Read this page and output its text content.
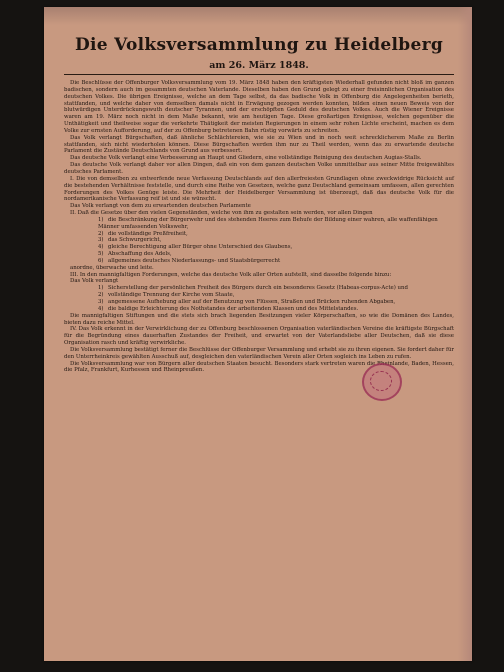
Die Volksversammlung zu Heidelberg
am 26. März 1848.

Die Beschlüsse der Offenburger Volksversammlung vom 19. März 1848 haben den kräftigsten Wiederhall gefunden nicht bloß im ganzen badischen, sondern auch im gesammten deutschen Vaterlande. Dieselben haben den Grund gelegt zu einer freisinnlichen Organisation des deutschen Volkes. Die übrigen Ereignisse, welche an dem Tage selbst, da das badische Volk in Offenburg die Angelegenheiten berieth, stattfanden, und welche daher von demselben damals nicht in Erwägung gezogen werden konnten, bilden einen neuen Beweis von der blutwürdigen Unterdrückungswuth deutscher Tyrannen, und der erschöpften Geduld des deutschen Volkes. Auch die Wiener Ereignisse waren am 19. März noch nicht in dem Maße bekannt, wie am heutigen Tage. Diese großartigen Ereignisse, welchen gegenüber die Unthätigkeit und theilweise sogar die verkehrte Thätigkeit der meisten Regierungen in einem sehr rohen Lichte erscheint, machen es dem Volke zur ernsten Aufforderung, auf der zu Offenburg betretenen Bahn rüstig vorwärts zu schreiten.

Das Volk verlangt Bürgschaften, daß ähnliche Schlächtereien, wie sie zu Wien und in noch weit schrecklicherem Maße zu Berlin stattfanden, sich nicht wiederholen können. Diese Bürgschaften werden ihm nur zu Theil werden, wenn das zu erwartende deutsche Parlament die Zustände Deutschlands von Grund aus verbessert.

Das deutsche Volk verlangt eine Verbesserung an Haupt und Gliedern, eine vollständige Reinigung des deutschen Augias-Stalls.

Das deutsche Volk verlangt daher vor allen Dingen, daß ein von dem ganzen deutschen Volke unmittelbar aus seiner Mitte freigewähltes deutsches Parlament.

I. Die von demselben zu entwerfende neue Verfassung Deutschlands auf den allerfreiesten Grundlagen ohne zweckwidrige Rücksicht auf die bestehenden Verhältnisse feststelle, und durch eine Reihe von Gesetzen, welche ganz Deutschland gemeinsam umfassen, allen gerechten Forderungen des Volkes Genüge leiste. Die Mehrheit der Heidelberger Versammlung ist überzeugt, daß das deutsche Volk für die nordamerikanische Verfassung reif ist und sie wünscht.

Das Volk verlangt von dem zu erwartenden deutschen Parlamente

II. Daß die Gesetze über den vielen Gegenständen, welche von ihm zu gestalten sein werden, vor allen Dingen

1) die Beschränkung der Bürgerwehr und des stehenden Heeres zum Behufe der Bildung einer wahren, alle waffenfähigen Männer umfassenden Volkswehr,
2) die vollständige Preßfreiheit,
3) das Schwurgericht,
4) gleiche Berechtigung aller Bürger ohne Unterschied des Glaubens,
5) Abschaffung des Adels,
6) allgemeines deutsches Niederlassungs- und Staatsbürgerrecht

anordne, überwache und leite.

III. In den mannigfaltigen Forderungen, welche das deutsche Volk aller Orten aufstellt, sind dasselbe folgende hinzu:

Das Volk verlangt

1) Sicherstellung der persönlichen Freiheit des Bürgers durch ein besonderes Gesetz (Habeas-corpus-Acte) und
2) vollständige Trennung der Kirche vom Staate,
3) angemessene Aufhebung aller auf der Benutzung von Flüssen, Straßen und Brücken ruhenden Abgaben,
4) die baldige Erleichterung des Nothstandes der arbeitenden Klassen und des Mittelstandes.

Die mannigfaltigen Stiftungen und die stets sich brach liegenden Besitzungen vieler Körperschaften, so wie die Domänen des Landes, bieten dazu reiche Mittel.

IV. Das Volk erkennt in der Verwirklichung der zu Offenburg beschlossenen Organisation vaterländischen Vereine die kräftigste Bürgschaft für die Begründung eines dauerhaften Zustandes der Freiheit, und erwartet von der Vaterlandsliebe aller Deutschen, daß sie diese Organisation rasch und kräftig verwirkliche.

Die Volksversammlung bestätigt ferner die Beschlüsse der Offenburger Versammlung und erhebt sie zu ihren eigenen. Sie fordert daher für den Unterrheinkreis gewählten Ausschuß auf, desgleichen den vaterländischen Verein aller Orten sogleich ins Leben zu rufen.

Die Volksversammlung war von Bürgern aller deutschen Staaten besucht. Besonders stark vertreten waren die Rheinlande, Baden, Hessen, die Pfalz, Frankfurt, Kurhessen und Rheinpreußen.
